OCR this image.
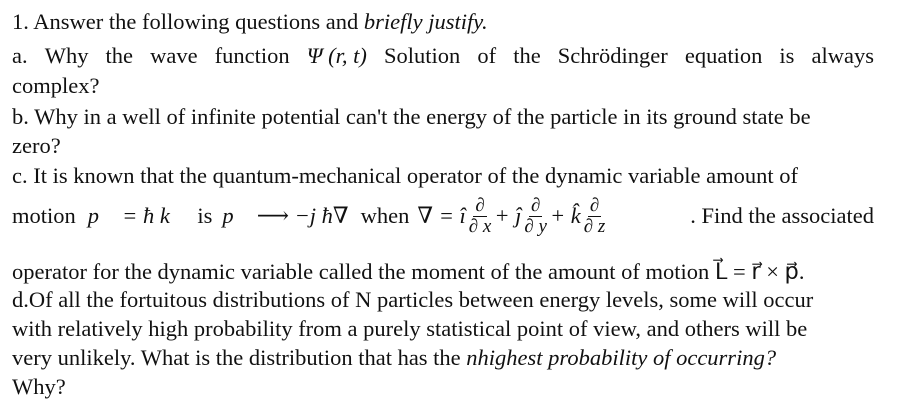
1. Answer the following questions and briefly justify.
a. Why the wave function Ψ (r, t) Solution of the Schrödinger equation is always
complex?
b. Why in a well of infinite potential can't the energy of the particle in its ground state be
zero?
c. It is known that the quantum-mechanical operator of the dynamic variable amount of
motion p⃗ = ħ k⃗ is p⃗ ⟶ −j ħ∇ when ∇ = î $\frac{\partial}{\partial x}$ + ĵ $\frac{\partial}{\partial y}$ + k̂ $\frac{\partial}{\partial z}$	. Find the associated
operator for the dynamic variable called the moment of the amount of motion L⃗ = r⃗ × p⃗.
d.Of all the fortuitous distributions of N particles between energy levels, some will occur
with relatively high probability from a purely statistical point of view, and others will be
very unlikely. What is the distribution that has the nhighest probability of occurring?
Why?
